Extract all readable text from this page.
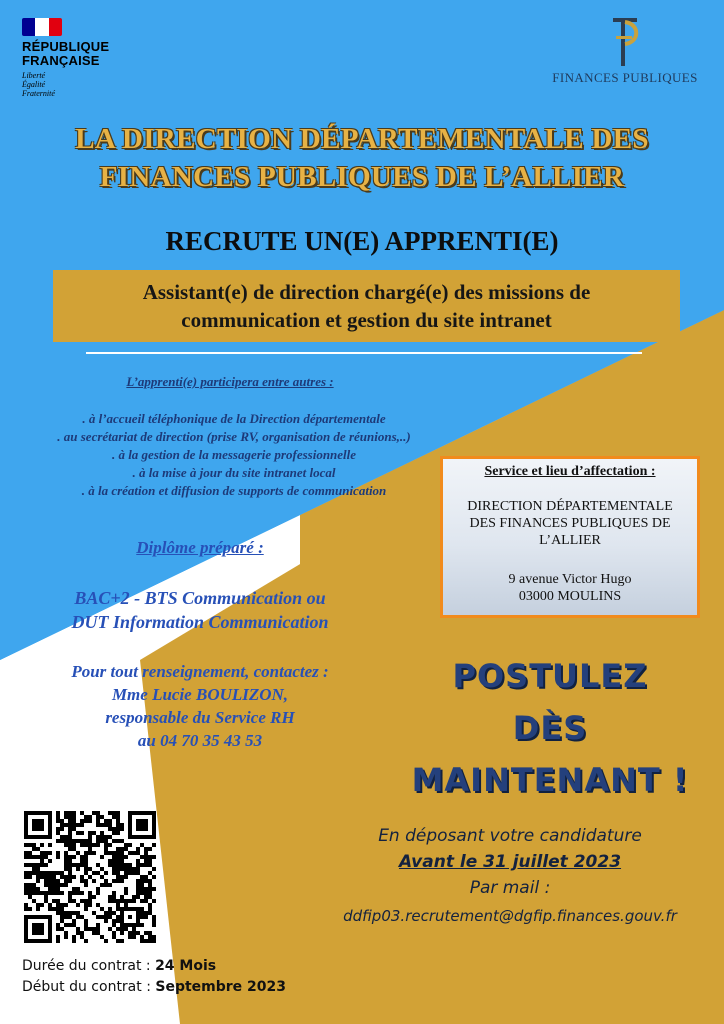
RÉPUBLIQUE
FRANÇAISE
Liberté
Égalité
Fraternité
FINANCES PUBLIQUES
LA DIRECTION DÉPARTEMENTALE DES
FINANCES PUBLIQUES DE L’ALLIER
RECRUTE UN(E) APPRENTI(E)
Assistant(e) de direction chargé(e) des missions de
communication et gestion du site intranet
L’apprenti(e) participera entre autres :
. à l’accueil téléphonique de la Direction départementale
. au secrétariat de direction (prise RV, organisation de réunions,..)
. à la gestion de la messagerie professionnelle
. à la mise à jour du site intranet local
. à la création et diffusion de supports de communication
Diplôme préparé :
BAC+2 - BTS Communication ou
DUT Information Communication
Pour tout renseignement, contactez :
Mme Lucie BOULIZON,
responsable du Service RH
au 04 70 35 43 53
Service et lieu d’affectation :
DIRECTION DÉPARTEMENTALE
DES FINANCES PUBLIQUES DE
L’ALLIER
9 avenue Victor Hugo
03000 MOULINS
POSTULEZ
DÈS
MAINTENANT !
En déposant votre candidature
Avant le 31 juillet 2023
Par mail :
ddfip03.recrutement@dgfip.finances.gouv.fr
Durée du contrat : 24 Mois
Début du contrat : Septembre 2023
